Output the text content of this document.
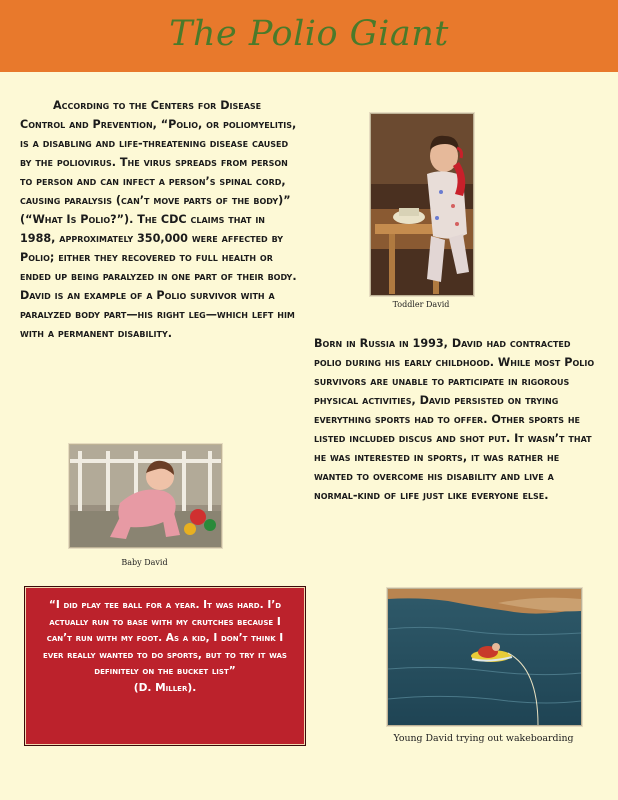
The Polio Giant

According to the Centers for Disease Control and Prevention, “Polio, or poliomyelitis, is a disabling and life-threatening disease caused by the poliovirus. The virus spreads from person to person and can infect a person’s spinal cord, causing paralysis (can’t move parts of the body)” (“What Is Polio?”). The CDC claims that in 1988, approximately 350,000 were affected by Polio; either they recovered to full health or ended up being paralyzed in one part of their body. David is an example of a Polio survivor with a paralyzed body part—his right leg—which left him with a permanent disability.

Toddler David

Born in Russia in 1993, David had contracted polio during his early childhood. While most Polio survivors are unable to participate in rigorous physical activities, David persisted on trying everything sports had to offer. Other sports he listed included discus and shot put. It wasn’t that he was interested in sports, it was rather he wanted to overcome his disability and live a normal-kind of life just like everyone else.

Baby David

“I did play tee ball for a year. It was hard. I’d actually run to base with my crutches because I can’t run with my foot. As a kid, I don’t think I ever really wanted to do sports, but to try it was definitely on the bucket list”

(D. Miller).

Young David trying out wakeboarding
